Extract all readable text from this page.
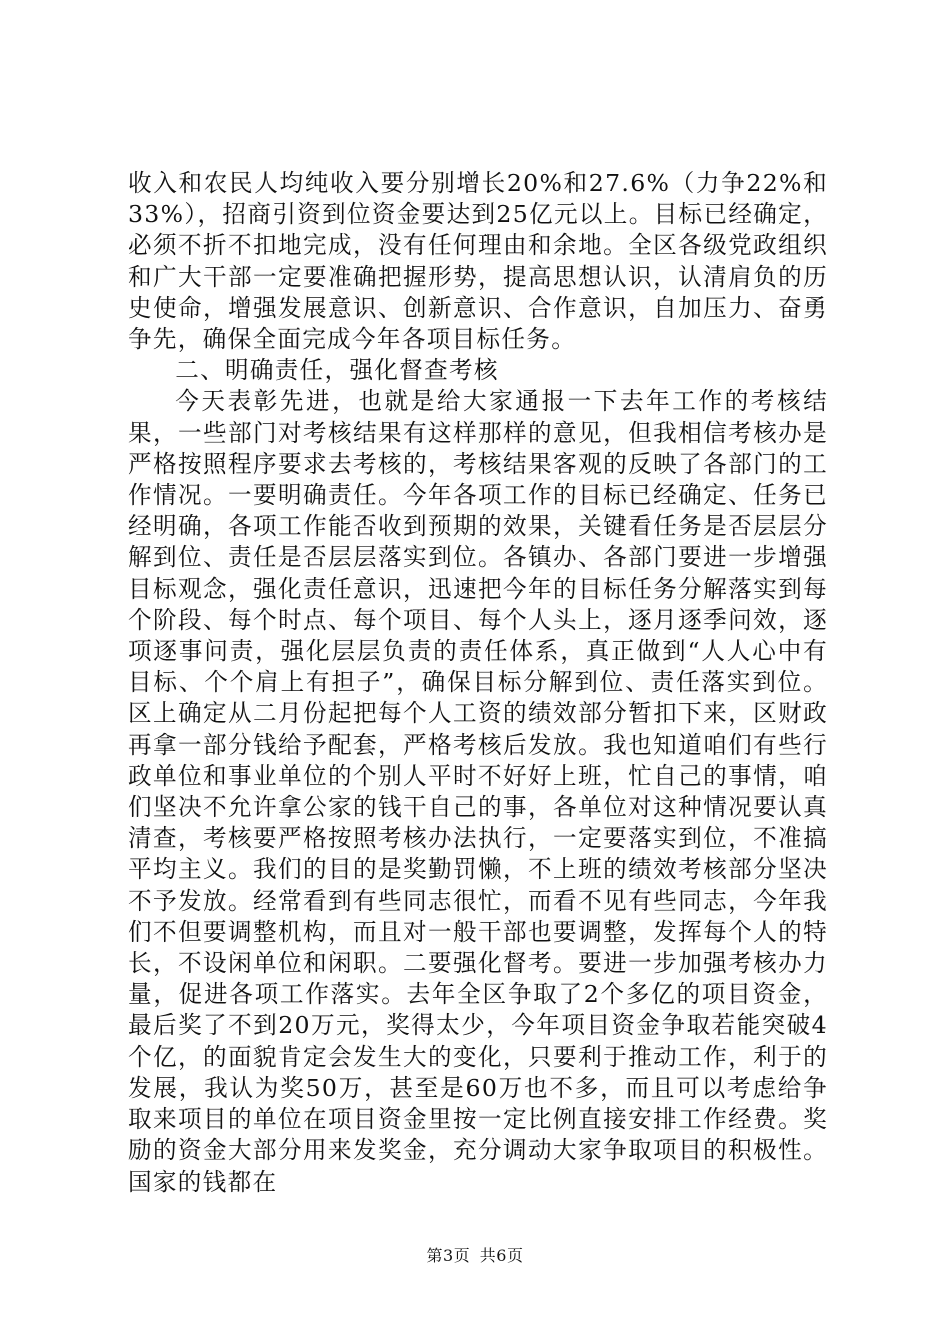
收入和农民人均纯收入要分别增长20%和27.6%（力争22%和33%），招商引资到位资金要达到25亿元以上。目标已经确定，必须不折不扣地完成，没有任何理由和余地。全区各级党政组织和广大干部一定要准确把握形势，提高思想认识，认清肩负的历史使命，增强发展意识、创新意识、合作意识，自加压力、奋勇争先，确保全面完成今年各项目标任务。

二、明确责任，强化督查考核

今天表彰先进，也就是给大家通报一下去年工作的考核结果，一些部门对考核结果有这样那样的意见，但我相信考核办是严格按照程序要求去考核的，考核结果客观的反映了各部门的工作情况。一要明确责任。今年各项工作的目标已经确定、任务已经明确，各项工作能否收到预期的效果，关键看任务是否层层分解到位、责任是否层层落实到位。各镇办、各部门要进一步增强目标观念，强化责任意识，迅速把今年的目标任务分解落实到每个阶段、每个时点、每个项目、每个人头上，逐月逐季问效，逐项逐事问责，强化层层负责的责任体系，真正做到“人人心中有目标、个个肩上有担子”，确保目标分解到位、责任落实到位。区上确定从二月份起把每个人工资的绩效部分暂扣下来，区财政再拿一部分钱给予配套，严格考核后发放。我也知道咱们有些行政单位和事业单位的个别人平时不好好上班，忙自己的事情，咱们坚决不允许拿公家的钱干自己的事，各单位对这种情况要认真清查，考核要严格按照考核办法执行，一定要落实到位，不准搞平均主义。我们的目的是奖勤罚懒，不上班的绩效考核部分坚决不予发放。经常看到有些同志很忙，而看不见有些同志，今年我们不但要调整机构，而且对一般干部也要调整，发挥每个人的特长，不设闲单位和闲职。二要强化督考。要进一步加强考核办力量，促进各项工作落实。去年全区争取了2个多亿的项目资金，最后奖了不到20万元，奖得太少，今年项目资金争取若能突破4个亿，的面貌肯定会发生大的变化，只要利于推动工作，利于的发展，我认为奖50万，甚至是60万也不多，而且可以考虑给争取来项目的单位在项目资金里按一定比例直接安排工作经费。奖励的资金大部分用来发奖金，充分调动大家争取项目的积极性。国家的钱都在

第3页 共6页
